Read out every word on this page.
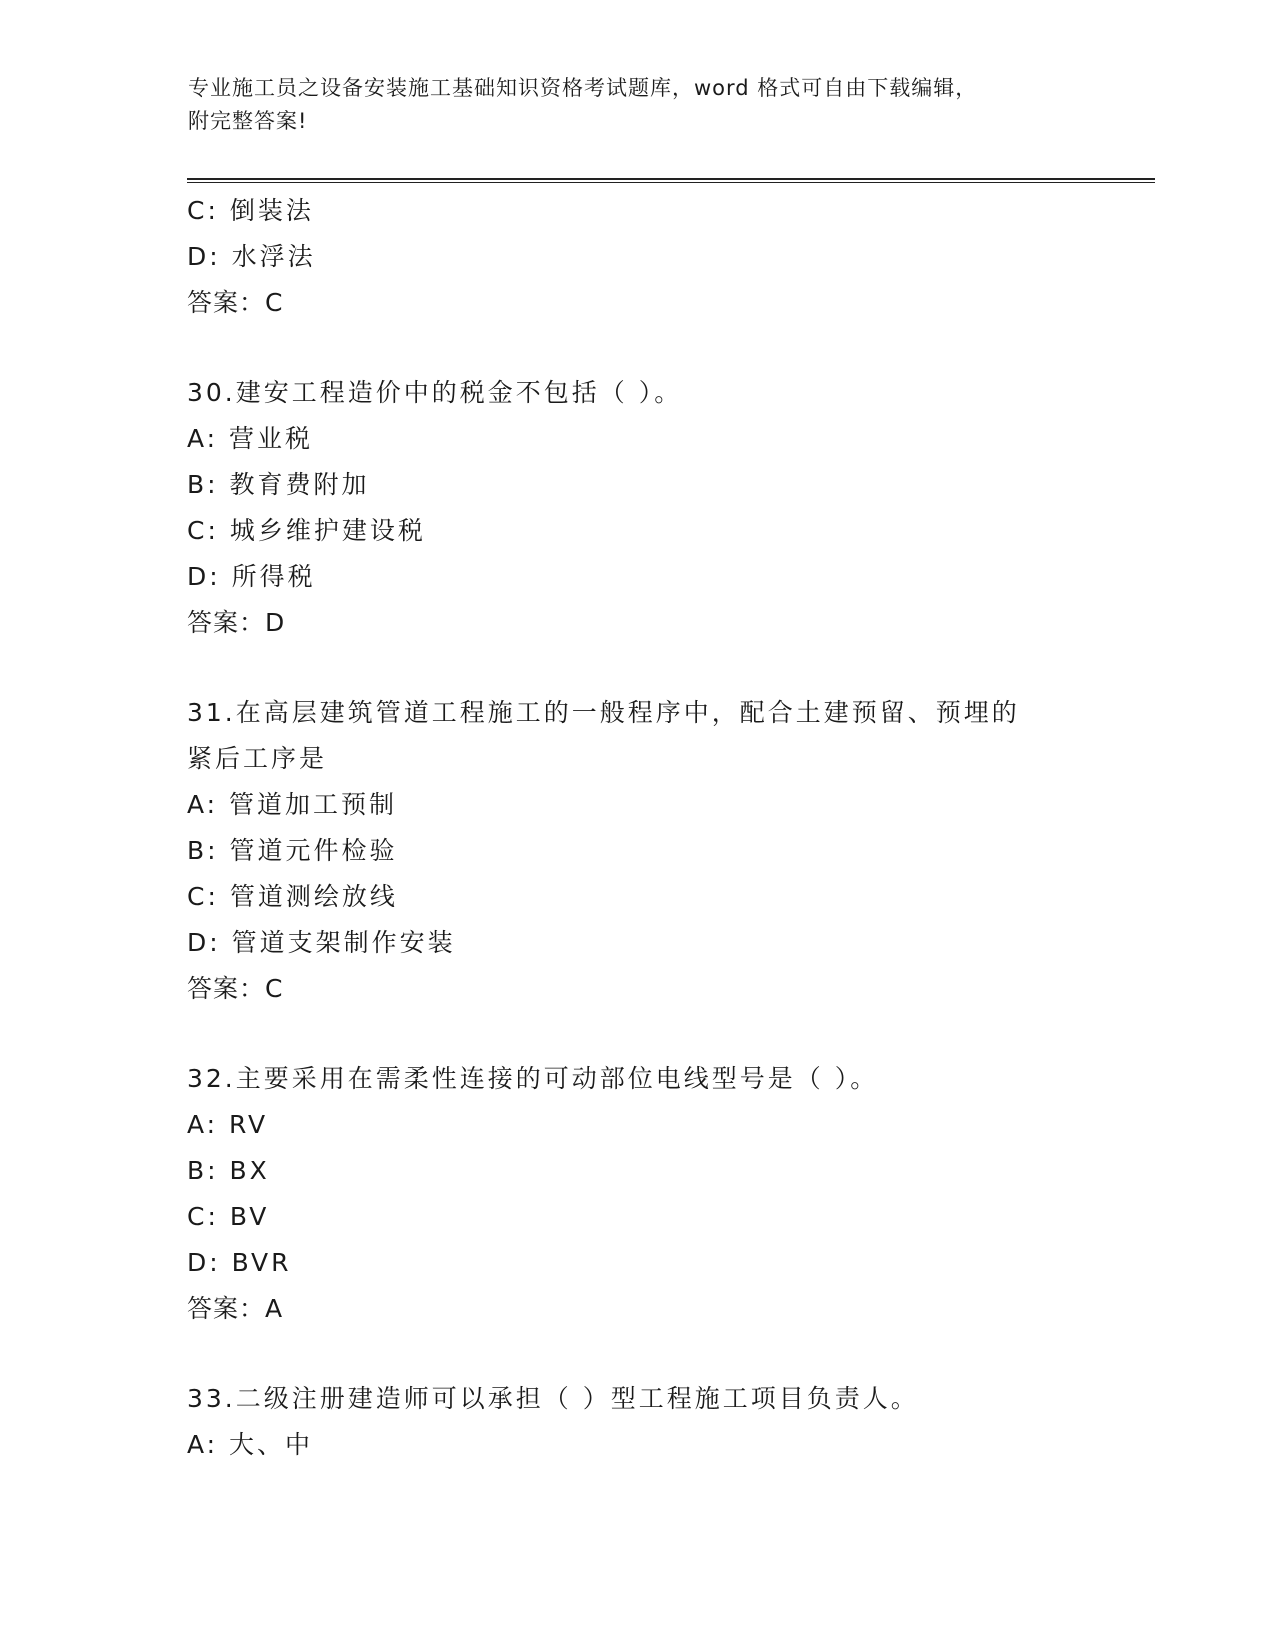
专业施工员之设备安装施工基础知识资格考试题库，word 格式可自由下载编辑，
附完整答案!
C: 倒装法
D: 水浮法
答案：C
30.建安工程造价中的税金不包括（ ）。
A: 营业税
B: 教育费附加
C: 城乡维护建设税
D: 所得税
答案：D
31.在高层建筑管道工程施工的一般程序中，配合土建预留、预埋的紧后工序是
A: 管道加工预制
B: 管道元件检验
C: 管道测绘放线
D: 管道支架制作安装
答案：C
32.主要采用在需柔性连接的可动部位电线型号是（ ）。
A: RV
B: BX
C: BV
D: BVR
答案：A
33.二级注册建造师可以承担（ ）型工程施工项目负责人。
A: 大、中
